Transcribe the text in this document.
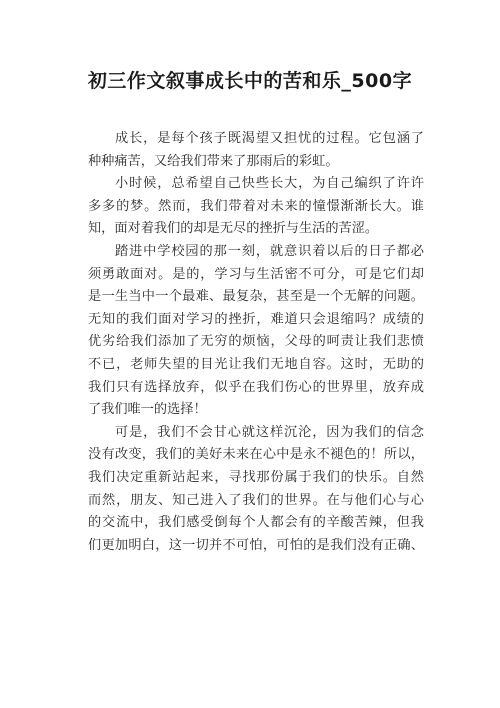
初三作文叙事成长中的苦和乐_500字
成长，是每个孩子既渴望又担忧的过程。它包涵了
种种痛苦，又给我们带来了那雨后的彩虹。
小时候，总希望自己快些长大，为自己编织了许许
多多的梦。然而，我们带着对未来的憧憬渐渐长大。谁
知，面对着我们的却是无尽的挫折与生活的苦涩。
踏进中学校园的那一刻，就意识着以后的日子都必
须勇敢面对。是的，学习与生活密不可分，可是它们却
是一生当中一个最难、最复杂，甚至是一个无解的问题。
无知的我们面对学习的挫折，难道只会退缩吗？成绩的
优劣给我们添加了无穷的烦恼，父母的呵责让我们悲愤
不已，老师失望的目光让我们无地自容。这时，无助的
我们只有选择放弃，似乎在我们伤心的世界里，放弃成
了我们唯一的选择！
可是，我们不会甘心就这样沉沦，因为我们的信念
没有改变，我们的美好未来在心中是永不褪色的！所以，
我们决定重新站起来，寻找那份属于我们的快乐。自然
而然，朋友、知己进入了我们的世界。在与他们心与心
的交流中，我们感受倒每个人都会有的辛酸苦辣，但我
们更加明白，这一切并不可怕，可怕的是我们没有正确、
